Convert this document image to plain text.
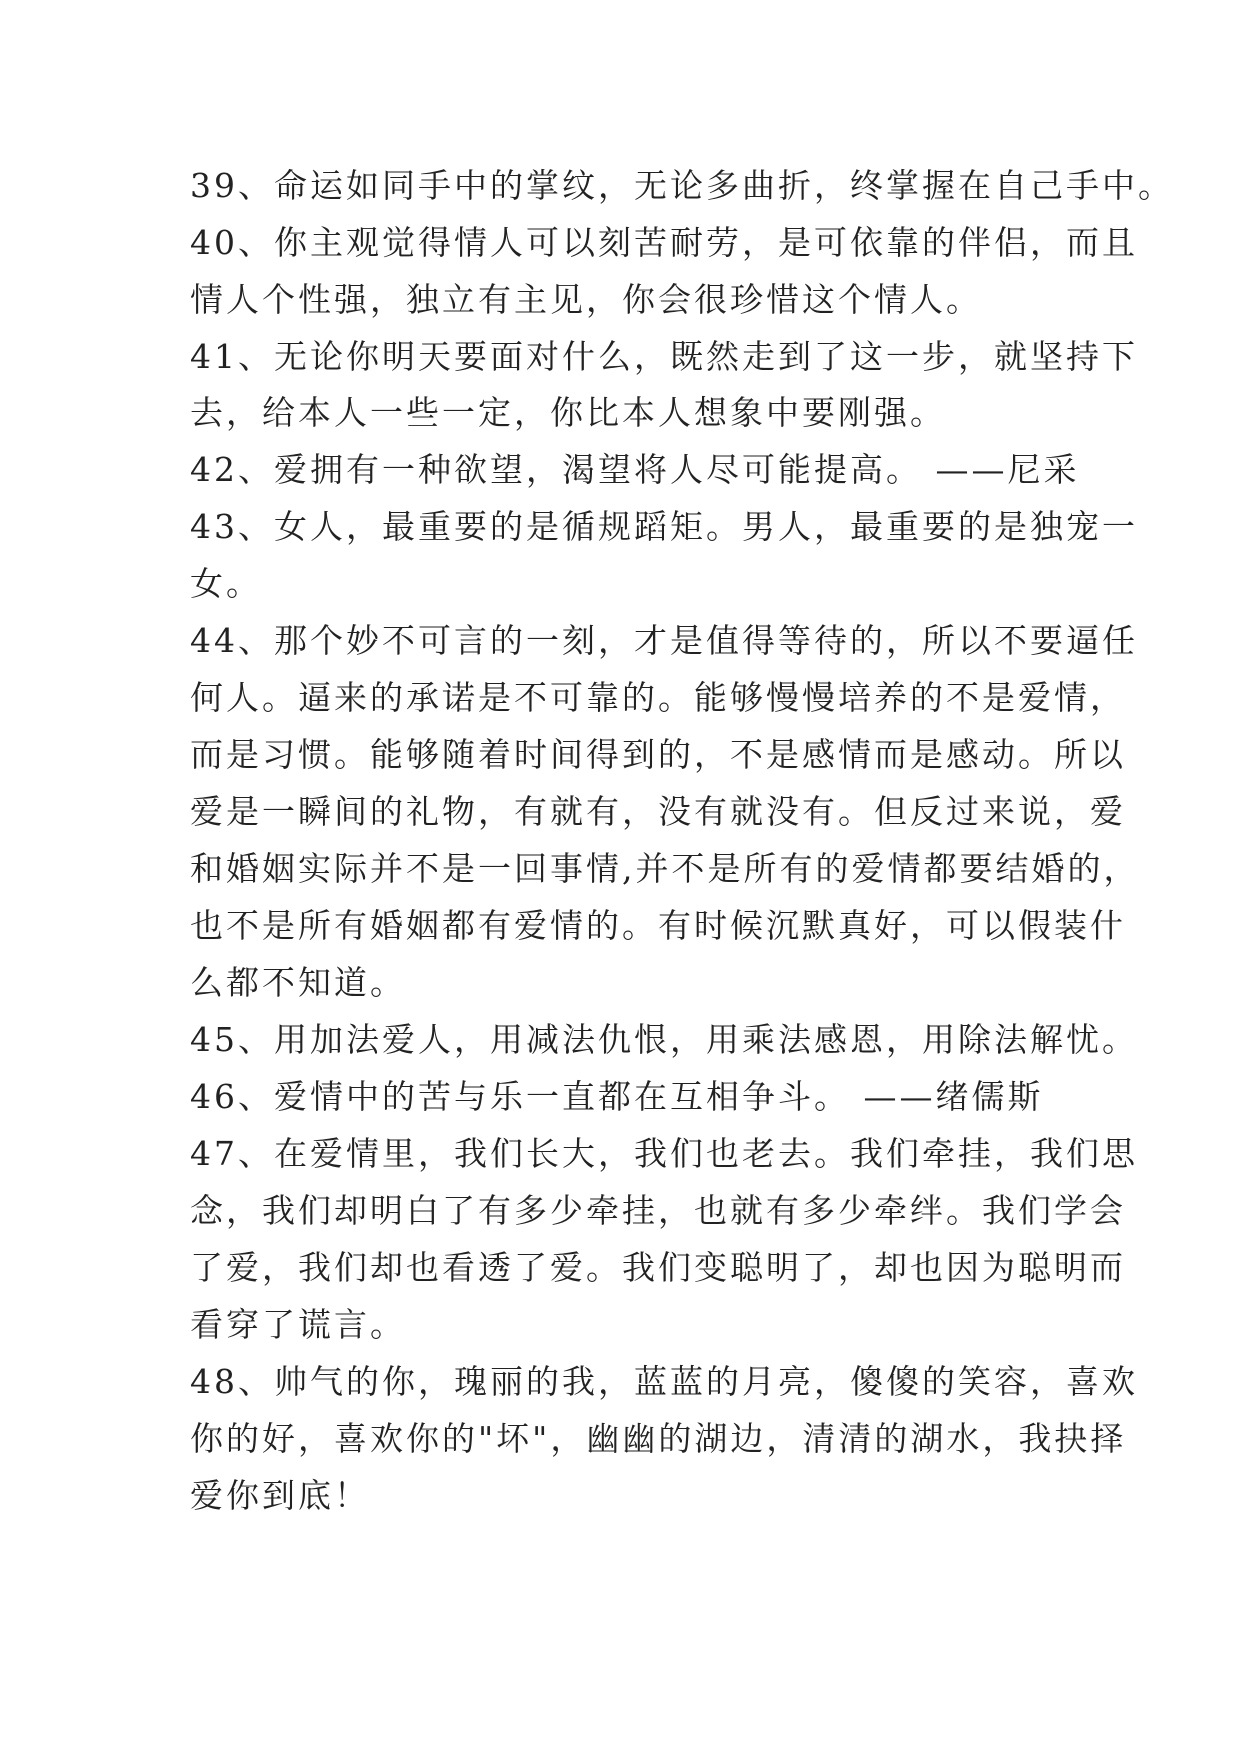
39、命运如同手中的掌纹，无论多曲折，终掌握在自己手中。
40、你主观觉得情人可以刻苦耐劳，是可依靠的伴侣，而且
情人个性强，独立有主见，你会很珍惜这个情人。
41、无论你明天要面对什么，既然走到了这一步，就坚持下
去，给本人一些一定，你比本人想象中要刚强。
42、爱拥有一种欲望，渴望将人尽可能提高。 ——尼采
43、女人，最重要的是循规蹈矩。男人，最重要的是独宠一
女。
44、那个妙不可言的一刻，才是值得等待的，所以不要逼任
何人。逼来的承诺是不可靠的。能够慢慢培养的不是爱情，
而是习惯。能够随着时间得到的，不是感情而是感动。所以
爱是一瞬间的礼物，有就有，没有就没有。但反过来说，爱
和婚姻实际并不是一回事情,并不是所有的爱情都要结婚的，
也不是所有婚姻都有爱情的。有时候沉默真好，可以假装什
么都不知道。
45、用加法爱人，用减法仇恨，用乘法感恩，用除法解忧。
46、爱情中的苦与乐一直都在互相争斗。 ——绪儒斯
47、在爱情里，我们长大，我们也老去。我们牵挂，我们思
念，我们却明白了有多少牵挂，也就有多少牵绊。我们学会
了爱，我们却也看透了爱。我们变聪明了，却也因为聪明而
看穿了谎言。
48、帅气的你，瑰丽的我，蓝蓝的月亮，傻傻的笑容，喜欢
你的好，喜欢你的"坏"，幽幽的湖边，清清的湖水，我抉择
爱你到底！
